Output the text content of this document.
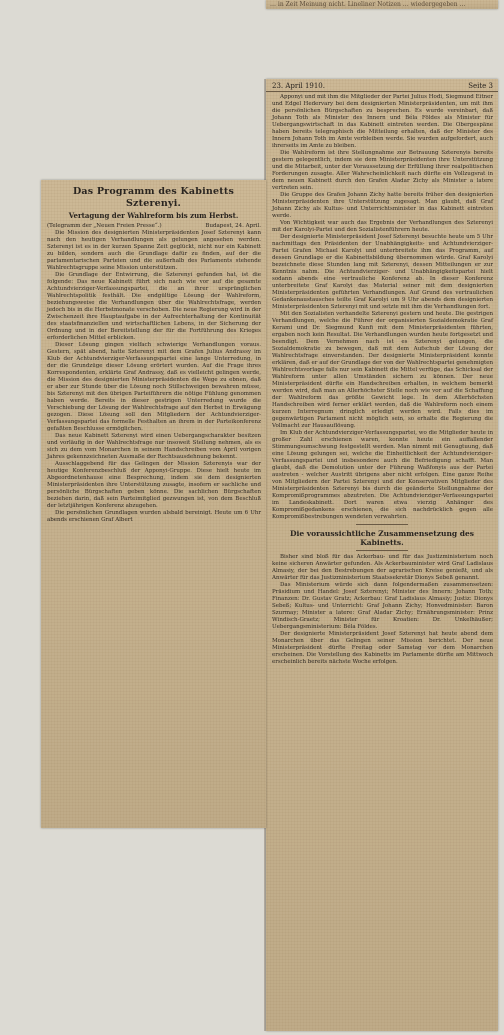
… in Zeit Meinung nicht. Lineliner Notizen … wiedergegeben …
23. April 1910.	Seite 3

Apponyi und mit ihm die Mitglieder der Partei Julius Hodi, Siegmund Eitner und Edgel Hedervary bei dem designierten Ministerpräsidenten, um mit ihm die persönlichen Bürgschaften zu besprechen. Es wurde vereinbart, daß Johann Toth als Minister des Innern und Béla Földes als Minister für Uebergangswirtschaft in das Kabinett eintreten werden. Die Obergespäne haben bereits telegraphisch die Mitteilung erhalten, daß der Minister des Innern Johann Toth im Amte verbleiben werde. Sie wurden aufgefordert, auch ihrerseits im Amte zu bleiben.

Die Wahlreform ist ihre Stellungnahme zur Betrauung Szterenyis bereits gestern gelegentlich, indem sie dem Ministerpräsidenten ihre Unterstützung und die Mitarbeit, unter der Voraussetzung der Erfüllung ihrer realpolitischen Forderungen zusagte. Aller Wahrscheinlichkeit nach dürfte ein Vollzugsrat in dem neuen Kabinett durch den Grafen Aladar Zichy als Minister a latere vertreten sein.

Die Gruppe des Grafen Johann Zichy hatte bereits früher den designierten Ministerpräsidenten ihre Unterstützung zugesagt. Man glaubt, daß Graf Johann Zichy als Kultus- und Unterrichtsminister in das Kabinett eintreten werde.

Von Wichtigkeit war auch das Ergebnis der Verhandlungen des Szterenyi mit der Karolyi-Partei und den Sozialistenführern heute.

Der designierte Ministerpräsident Josef Szterenyi besuchte heute um 5 Uhr nachmittags den Präsidenten der Unabhängigkeits- und Achtundvierziger-Partei Grafen Michael Karolyi und unterbreitete ihm das Programm, auf dessen Grundlage er die Kabinettsbildung übernommen würde. Graf Karolyi bezeichnete diese Stunden lang mit Szterenyi, dessen Mitteilungen er zur Kenntnis nahm. Die Achtundvierziger- und Unabhängigkeitspartei hielt sodann abends eine vertrauliche Konferenz ab. In dieser Konferenz unterbreitete Graf Karolyi das Material seiner mit dem designierten Ministerpräsidenten geführten Verhandlungen. Auf Grund des vertraulichen Gedankenaustausches teilte Graf Karolyi um 9 Uhr abends dem designierten Ministerpräsidenten Szterenyi mit und setzte mit ihm die Verhandlungen fort.

Mit den Sozialisten verhandelte Szterenyi gestern und heute. Die gestrigen Verhandlungen, welche die Führer der organisierten Sozialdemokratie Graf Kerami und Dr. Siegmund Kunfi mit dem Ministerpräsidenten führten, ergaben noch kein Resultat. Die Verhandlungen wurden heute fortgesetzt und beendigt. Dem Vernehmen nach ist es Szterenyi gelungen, die Sozialdemokratie zu bewegen, daß mit dem Aufschub der Lösung der Wahlrechtsfrage einverstanden. Der designierte Ministerpräsident konnte erklären, daß er auf der Grundlage der von der Wahlrechtspartei genehmigten Wahlrechtsvorlage falls nur sein Kabinett die Mittel verfüge, das Schicksal der Wahlreform unter allen Umständen sichern zu können. Der neue Ministerpräsident dürfte ein Handschreiben erhalten, in welchem bemerkt werden wird, daß man an Allerhöchster Stelle noch wie vor auf die Schaffung der Wahlreform das größte Gewicht lege. In dem Allerhöchsten Handschreiben wird ferner erklärt werden, daß die Wahlreform noch einem kurzen Interregnum dringlich erledigt werden wird. Falls dies im gegenwärtigen Parlament nicht möglich sein, so erhalte die Regierung die Vollmacht zur Hausauflösung.

Im Klub der Achtundvierziger-Verfassungspartei, wo die Mitglieder heute in großer Zahl erschienen waren, konnte heute ein auffallender Stimmungsumschwung festgestellt werden. Man nimmt mit Genugtuung, daß eine Lösung gelungen sei, welche die Einheitlichkeit der Achtundvierziger-Verfassungspartei und insbesondere auch die Befriedigung schafft. Man glaubt, daß die Demolution unter der Führung Waßfonyis aus der Partei austreten - welcher Austritt übrigens aber nicht erfolgen. Eine ganze Reihe von Mitgliedern der Partei Szterenyi und der Konservativen Mitglieder des Ministerpräsidenten Szterenyi bis durch die geänderte Stellungnahme der Kompromißprogrammes abzutreten. Die Achtundvierziger-Verfassungspartei im Landeskabinett. Dort waren etwa vierzig Anhänger des Kompromißgedankens erschienen, die sich nachdrücklich gegen alle Kompromißbestrebungen wendeten verwahrten.

Die voraussichtliche Zusammensetzung des Kabinetts.

Bisher sind bloß für das Ackerbau- und für das Justizministerium noch keine sicheren Anwärter gefunden. Als Ackerbauminister wird Graf Ladislaus Almasiy, der bei den Bestrebungen der agrarischen Kreise genießt, und als Anwärter für das Justizministerium Staatssekretär Dionys Sebeß genannt.

Das Ministerium würde sich dann folgendermaßen zusammensetzen: Präsidium und Handel: Josef Szterenyi; Minister des Innern: Johann Toth; Finanzen: Dr. Gustav Gratz; Ackerbau: Graf Ladislaus Almasiy; Justiz: Dionys Sebeß; Kultus- und Unterricht: Graf Johann Zichy; Honvedminister: Baron Szurmay; Minister a latere: Graf Aladar Zichy; Ernährungsminister: Prinz Windisch-Graetz; Minister für Kroatien: Dr. Unkelhäußer; Uebergangsministerium: Béla Földes.

Der designierte Ministerpräsident Josef Szterenyi hat heute abend dem Monarchen über das Gelingen seiner Mission berichtet. Der neue Ministerpräsident dürfte Freitag oder Samstag vor dem Monarchen erscheinen. Die Vorstellung des Kabinetts im Parlamente dürfte am Mittwoch erscheinlich bereits nächste Woche erfolgen.

Das Programm des Kabinetts Szterenyi.
Vertagung der Wahlreform bis zum Herbst.
(Telegramm der „Neuen Freien Presse“.)	Budapest, 24. April.

Die Mission des designierten Ministerpräsidenten Josef Szterenyi kann nach den heutigen Verhandlungen als gelungen angesehen werden. Szterenyi ist es in der kurzen Spanne Zeit geglückt, nicht nur ein Kabinett zu bilden, sondern auch die Grundlage dafür zu finden, auf der die parlamentarischen Parteien und die außerhalb des Parlaments stehende Wahlrechtsgruppe seine Mission unterstützen.

Die Grundlage der Entwirrung, die Szterenyi gefunden hat, ist die folgende: Das neue Kabinett führt sich nach wie vor auf die gesamte Achtundvierziger-Verfassungspartei, die an ihrer ursprünglichen Wahlrechtspolitik festhält. Die endgültige Lösung der Wahlreform, beziehungsweise die Verhandlungen über die Wahlrechtsfrage, werden jedoch bis in die Herbstmonate verschoben. Die neue Regierung wird in der Zwischenzeit ihre Hauptaufgabe in der Aufrechterhaltung der Kontinuität des staatsfinanziellen und wirtschaftlichen Lebens, in der Sicherung der Ordnung und in der Bereitstellung der für die Fortführung des Krieges erforderlichen Mittel erblicken.

Dieser Lösung gingen vielfach schwierige Verhandlungen voraus. Gestern, spät abend, hatte Szterenyi mit dem Grafen Julius Andrassy im Klub der Achtundvierziger-Verfassungspartei eine lange Unterredung, in der die Grundzüge dieser Lösung erörtert wurden. Auf die Frage ihres Korrespondenten, erklärte Graf Andrassy, daß es vielleicht gelingen werde, die Mission des designierten Ministerpräsidenten die Wege zu ebnen, daß er aber zur Stunde über die Lösung noch Stillschweigen bewahren müsse, bis Szterenyi mit den übrigen Parteiführern die nötige Fühlung genommen haben werde. Bereits in dieser gestrigen Unterredung wurde die Verschiebung der Lösung der Wahlrechtsfrage auf den Herbst in Erwägung gezogen. Diese Lösung soll den Mitgliedern der Achtundvierziger-Verfassungspartei das formelle Festhalten an ihrem in der Parteikonferenz gefaßten Beschlusse ermöglichen.

Das neue Kabinett Szterenyi wird einen Uebergangscharakter besitzen und vorläufig in der Wahlrechtsfrage nur insoweit Stellung nehmen, als es sich zu dem vom Monarchen in seinem Handschreiben vom April vorigen Jahres gekennzeichneten Ausmaße der Rechtsausdehnung bekennt.

Ausschlaggebend für das Gelingen der Mission Szterenyis war der heutige Konferenzbeschluß der Apponyi-Gruppe. Diese hielt heute im Abgeordnetenhause eine Besprechung, indem sie dem designierten Ministerpräsidenten ihre Unterstützung zusagte, insofern er sachliche und persönliche Bürgschaften geben könne. Die sachlichen Bürgschaften beziehen darin, daß sein Parteimitglied gezwungen ist, von dem Beschluß der letztjährigen Konferenz abzugehen.

Die persönlichen Grundlagen wurden alsbald bereinigt. Heute um 6 Uhr abends erschienen Graf Albert
